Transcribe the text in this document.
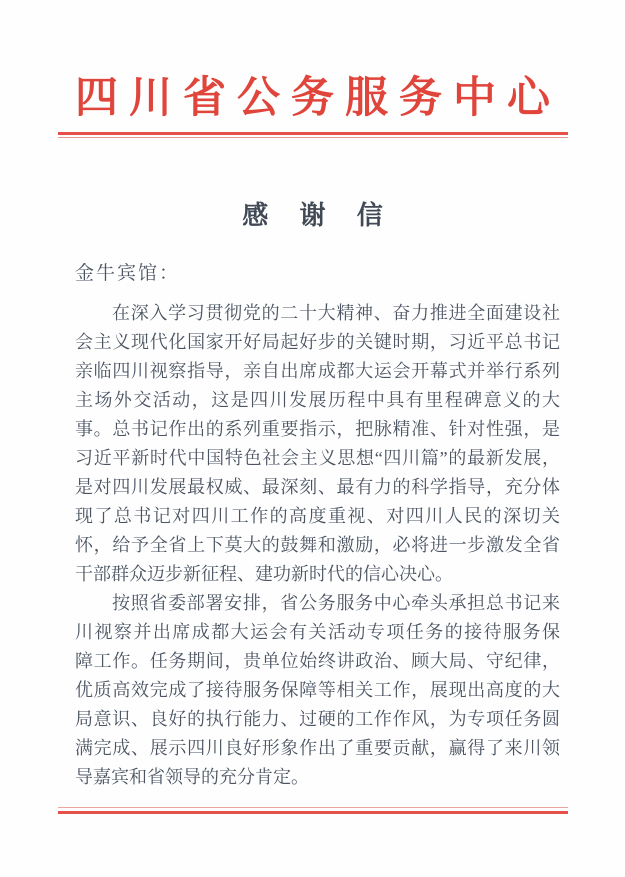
四川省公务服务中心
感 谢 信
金牛宾馆：
在深入学习贯彻党的二十大精神、奋力推进全面建设社
会主义现代化国家开好局起好步的关键时期，习近平总书记
亲临四川视察指导，亲自出席成都大运会开幕式并举行系列
主场外交活动，这是四川发展历程中具有里程碑意义的大
事。总书记作出的系列重要指示，把脉精准、针对性强，是
习近平新时代中国特色社会主义思想“四川篇”的最新发展，
是对四川发展最权威、最深刻、最有力的科学指导，充分体
现了总书记对四川工作的高度重视、对四川人民的深切关
怀，给予全省上下莫大的鼓舞和激励，必将进一步激发全省
干部群众迈步新征程、建功新时代的信心决心。
按照省委部署安排，省公务服务中心牵头承担总书记来
川视察并出席成都大运会有关活动专项任务的接待服务保
障工作。任务期间，贵单位始终讲政治、顾大局、守纪律，
优质高效完成了接待服务保障等相关工作，展现出高度的大
局意识、良好的执行能力、过硬的工作作风，为专项任务圆
满完成、展示四川良好形象作出了重要贡献，赢得了来川领
导嘉宾和省领导的充分肯定。
